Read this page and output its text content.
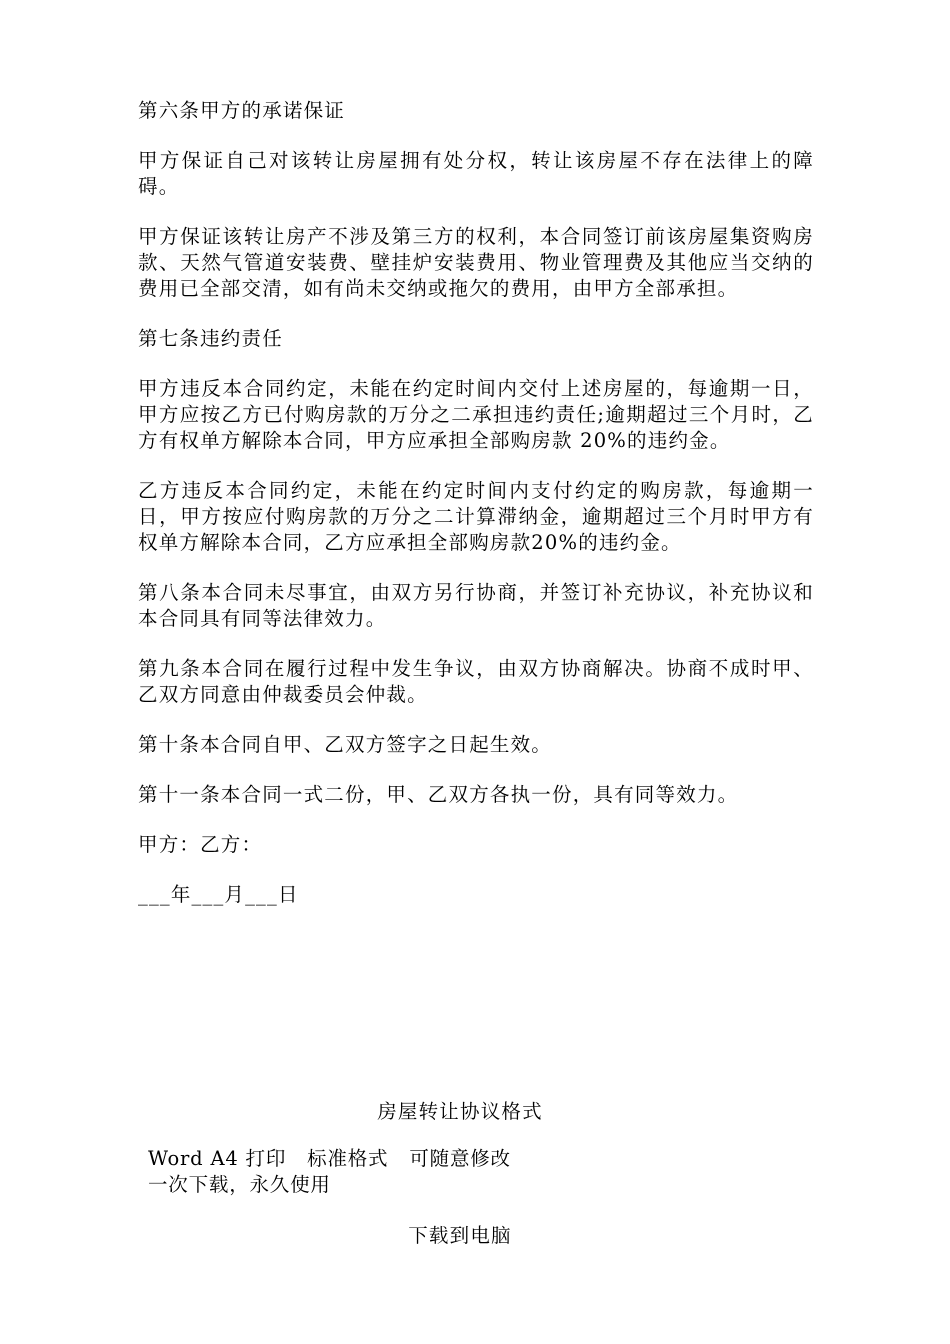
第六条甲方的承诺保证

甲方保证自己对该转让房屋拥有处分权，转让该房屋不存在法律上的障碍。

甲方保证该转让房产不涉及第三方的权利，本合同签订前该房屋集资购房款、天然气管道安装费、壁挂炉安装费用、物业管理费及其他应当交纳的费用已全部交清，如有尚未交纳或拖欠的费用，由甲方全部承担。

第七条违约责任

甲方违反本合同约定，未能在约定时间内交付上述房屋的，每逾期一日，甲方应按乙方已付购房款的万分之二承担违约责任;逾期超过三个月时，乙方有权单方解除本合同，甲方应承担全部购房款 20%的违约金。

乙方违反本合同约定，未能在约定时间内支付约定的购房款，每逾期一日，甲方按应付购房款的万分之二计算滞纳金，逾期超过三个月时甲方有权单方解除本合同，乙方应承担全部购房款20%的违约金。

第八条本合同未尽事宜，由双方另行协商，并签订补充协议，补充协议和本合同具有同等法律效力。

第九条本合同在履行过程中发生争议，由双方协商解决。协商不成时甲、乙双方同意由仲裁委员会仲裁。

第十条本合同自甲、乙双方签字之日起生效。

第十一条本合同一式二份，甲、乙双方各执一份，具有同等效力。

甲方：乙方：

___年___月___日

房屋转让协议格式

Word A4 打印   标准格式   可随意修改

一次下载，永久使用

下载到电脑
